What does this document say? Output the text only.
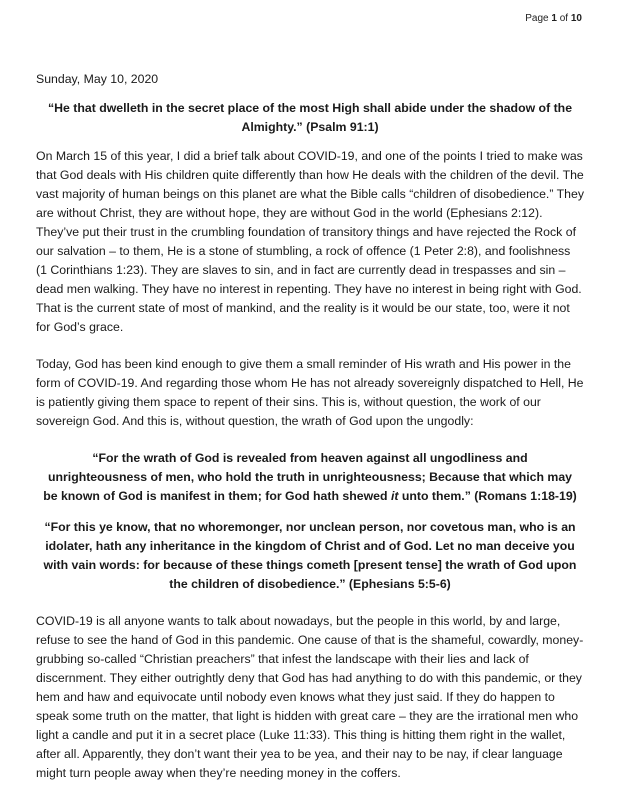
Page 1 of 10

Sunday, May 10, 2020

“He that dwelleth in the secret place of the most High shall abide under the shadow of the Almighty.” (Psalm 91:1)

On March 15 of this year, I did a brief talk about COVID-19, and one of the points I tried to make was that God deals with His children quite differently than how He deals with the children of the devil. The vast majority of human beings on this planet are what the Bible calls “children of disobedience.” They are without Christ, they are without hope, they are without God in the world (Ephesians 2:12). They’ve put their trust in the crumbling foundation of transitory things and have rejected the Rock of our salvation – to them, He is a stone of stumbling, a rock of offence (1 Peter 2:8), and foolishness (1 Corinthians 1:23). They are slaves to sin, and in fact are currently dead in trespasses and sin – dead men walking. They have no interest in repenting. They have no interest in being right with God. That is the current state of most of mankind, and the reality is it would be our state, too, were it not for God’s grace.

Today, God has been kind enough to give them a small reminder of His wrath and His power in the form of COVID-19. And regarding those whom He has not already sovereignly dispatched to Hell, He is patiently giving them space to repent of their sins. This is, without question, the work of our sovereign God. And this is, without question, the wrath of God upon the ungodly:

“For the wrath of God is revealed from heaven against all ungodliness and unrighteousness of men, who hold the truth in unrighteousness; Because that which may be known of God is manifest in them; for God hath shewed it unto them.” (Romans 1:18-19)

“For this ye know, that no whoremonger, nor unclean person, nor covetous man, who is an idolater, hath any inheritance in the kingdom of Christ and of God. Let no man deceive you with vain words: for because of these things cometh [present tense] the wrath of God upon the children of disobedience.” (Ephesians 5:5-6)

COVID-19 is all anyone wants to talk about nowadays, but the people in this world, by and large, refuse to see the hand of God in this pandemic. One cause of that is the shameful, cowardly, money-grubbing so-called “Christian preachers” that infest the landscape with their lies and lack of discernment. They either outrightly deny that God has had anything to do with this pandemic, or they hem and haw and equivocate until nobody even knows what they just said. If they do happen to speak some truth on the matter, that light is hidden with great care – they are the irrational men who light a candle and put it in a secret place (Luke 11:33). This thing is hitting them right in the wallet, after all. Apparently, they don’t want their yea to be yea, and their nay to be nay, if clear language might turn people away when they’re needing money in the coffers.
